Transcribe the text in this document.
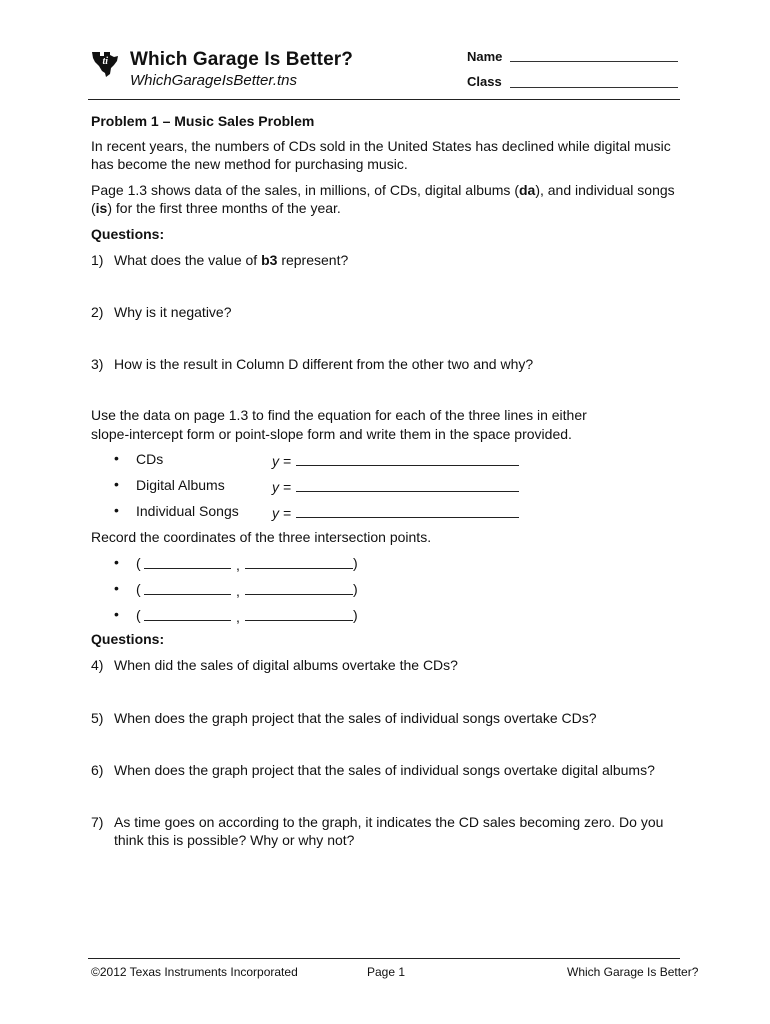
ti Which Garage Is Better?
WhichGarageIsBetter.tns
Name
Class
Problem 1 – Music Sales Problem
In recent years, the numbers of CDs sold in the United States has declined while digital music
has become the new method for purchasing music.
Page 1.3 shows data of the sales, in millions, of CDs, digital albums (da), and individual songs
(is) for the first three months of the year.
Questions:
1) What does the value of b3 represent?
2) Why is it negative?
3) How is the result in Column D different from the other two and why?
Use the data on page 1.3 to find the equation for each of the three lines in either
slope-intercept form or point-slope form and write them in the space provided.
• CDs	y =
• Digital Albums	y =
• Individual Songs y =
Record the coordinates of the three intersection points.
• (	,	)
• (	,	)
• (	,	)
Questions:
4) When did the sales of digital albums overtake the CDs?
5) When does the graph project that the sales of individual songs overtake CDs?
6) When does the graph project that the sales of individual songs overtake digital albums?
7) As time goes on according to the graph, it indicates the CD sales becoming zero. Do you
think this is possible? Why or why not?
©2012 Texas Instruments Incorporated	Page 1	Which Garage Is Better?
